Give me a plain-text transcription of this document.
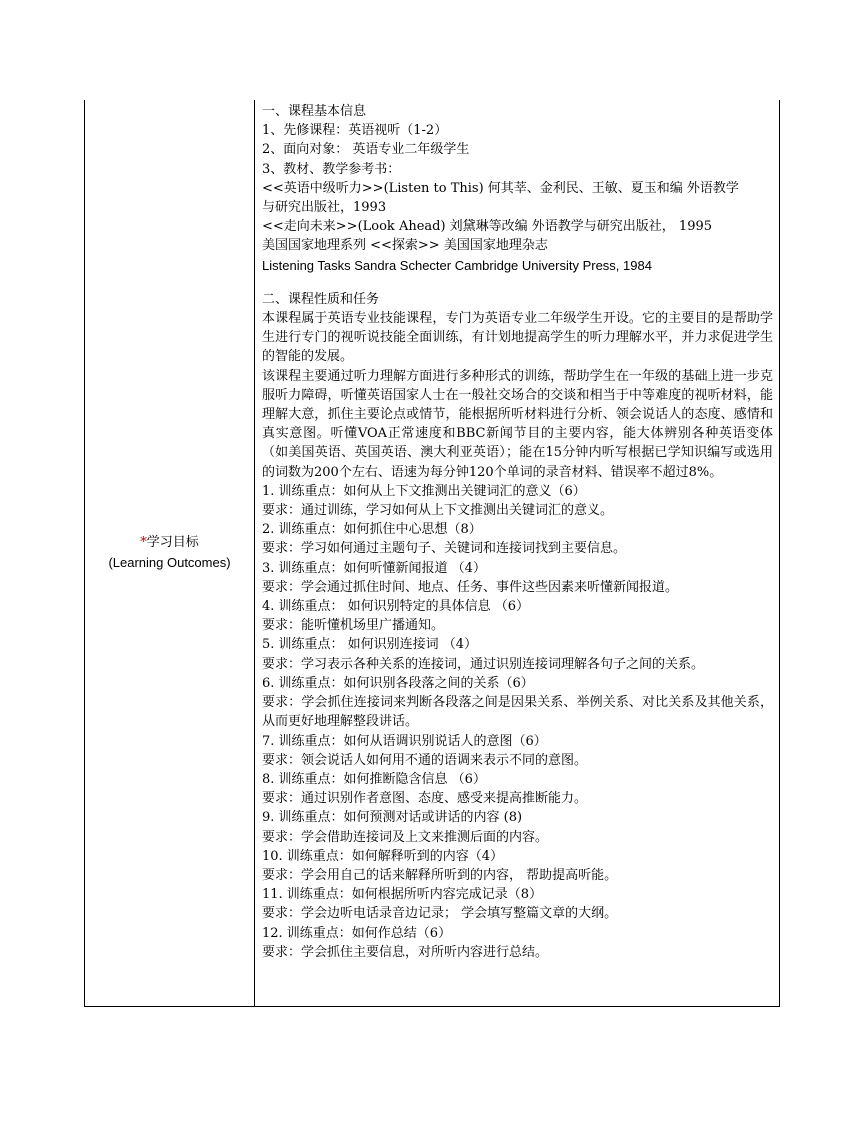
*学习目标
(Learning Outcomes)
一、课程基本信息
1、先修课程：英语视听（1-2）
2、面向对象： 英语专业二年级学生
3、教材、教学参考书：
<<英语中级听力>>(Listen to This) 何其莘、金利民、王敏、夏玉和编 外语教学
与研究出版社，1993
<<走向未来>>(Look Ahead) 刘黛琳等改编 外语教学与研究出版社， 1995
美国国家地理系列 <<探索>> 美国国家地理杂志
Listening Tasks Sandra Schecter Cambridge University Press, 1984
二、课程性质和任务
本课程属于英语专业技能课程，专门为英语专业二年级学生开设。它的主要目的是帮助学生进行专门的视听说技能全面训练，有计划地提高学生的听力理解水平，并力求促进学生的智能的发展。
该课程主要通过听力理解方面进行多种形式的训练，帮助学生在一年级的基础上进一步克服听力障碍，听懂英语国家人士在一般社交场合的交谈和相当于中等难度的视听材料，能理解大意，抓住主要论点或情节，能根据所听材料进行分析、领会说话人的态度、感情和真实意图。听懂VOA正常速度和BBC新闻节目的主要内容，能大体辨别各种英语变体（如美国英语、英国英语、澳大利亚英语）；能在15分钟内听写根据已学知识编写或选用的词数为200个左右、语速为每分钟120个单词的录音材料、错误率不超过8%。
1. 训练重点：如何从上下文推测出关键词汇的意义（6）
要求：通过训练，学习如何从上下文推测出关键词汇的意义。
2. 训练重点：如何抓住中心思想（8）
要求：学习如何通过主题句子、关键词和连接词找到主要信息。
3. 训练重点：如何听懂新闻报道 （4）
要求：学会通过抓住时间、地点、任务、事件这些因素来听懂新闻报道。
4. 训练重点： 如何识别特定的具体信息 （6）
要求：能听懂机场里广播通知。
5. 训练重点： 如何识别连接词 （4）
要求：学习表示各种关系的连接词，通过识别连接词理解各句子之间的关系。
6. 训练重点：如何识别各段落之间的关系（6）
要求：学会抓住连接词来判断各段落之间是因果关系、举例关系、对比关系及其他关系，从而更好地理解整段讲话。
7. 训练重点：如何从语调识别说话人的意图（6）
要求：领会说话人如何用不通的语调来表示不同的意图。
8. 训练重点：如何推断隐含信息 （6）
要求：通过识别作者意图、态度、感受来提高推断能力。
9. 训练重点：如何预测对话或讲话的内容 (8)
要求：学会借助连接词及上文来推测后面的内容。
10. 训练重点：如何解释听到的内容（4）
要求：学会用自己的话来解释所听到的内容， 帮助提高听能。
11. 训练重点：如何根据所听内容完成记录（8）
要求：学会边听电话录音边记录； 学会填写整篇文章的大纲。
12. 训练重点：如何作总结（6）
要求：学会抓住主要信息，对所听内容进行总结。
